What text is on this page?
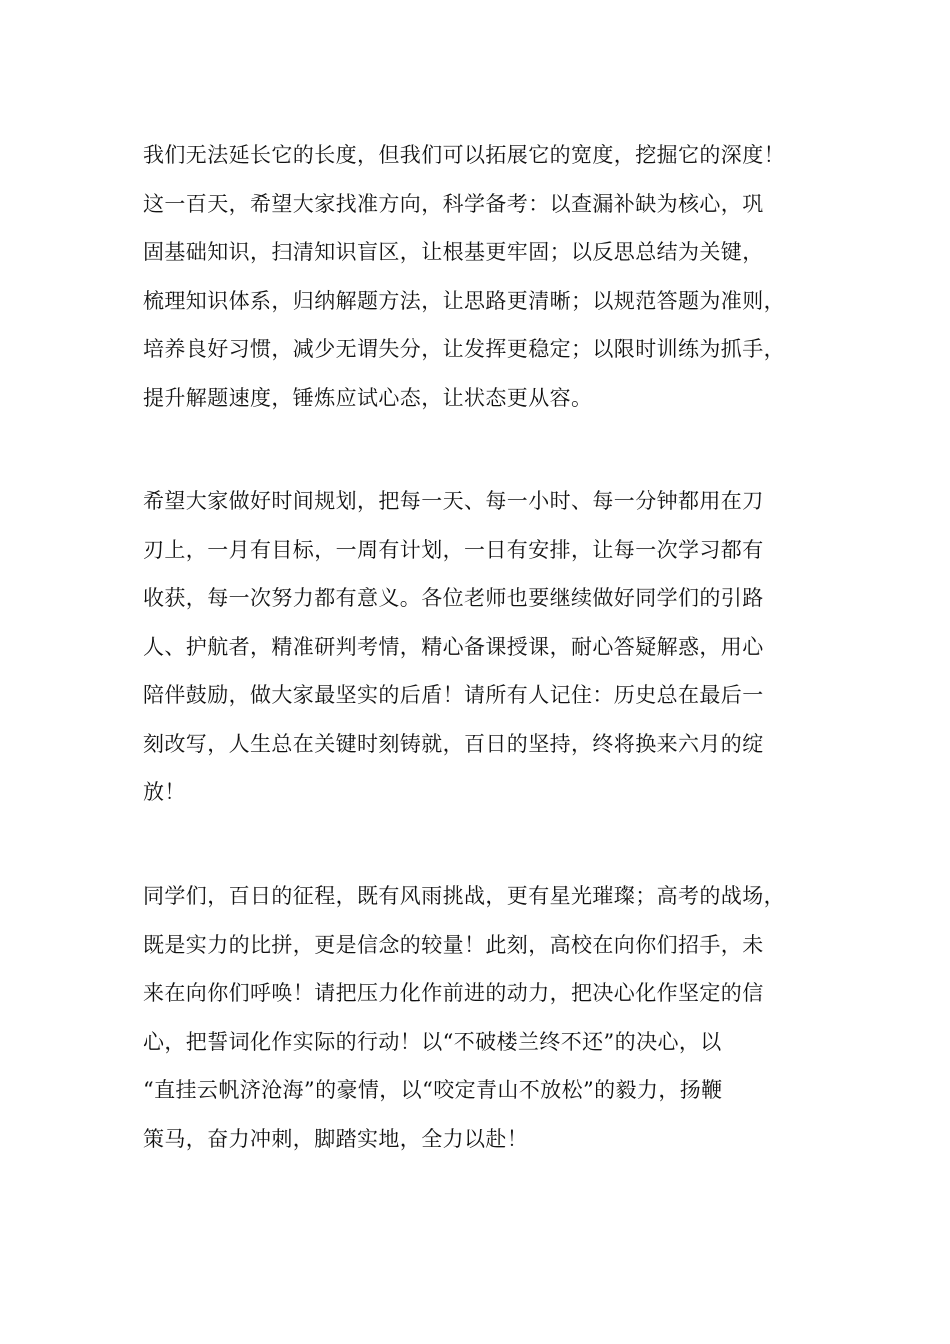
我们无法延长它的长度，但我们可以拓展它的宽度，挖掘它的深度！
这一百天，希望大家找准方向，科学备考：以查漏补缺为核心，巩
固基础知识，扫清知识盲区，让根基更牢固；以反思总结为关键，
梳理知识体系，归纳解题方法，让思路更清晰；以规范答题为准则，
培养良好习惯，减少无谓失分，让发挥更稳定；以限时训练为抓手，
提升解题速度，锤炼应试心态，让状态更从容。
希望大家做好时间规划，把每一天、每一小时、每一分钟都用在刀
刃上，一月有目标，一周有计划，一日有安排，让每一次学习都有
收获，每一次努力都有意义。各位老师也要继续做好同学们的引路
人、护航者，精准研判考情，精心备课授课，耐心答疑解惑，用心
陪伴鼓励，做大家最坚实的后盾！请所有人记住：历史总在最后一
刻改写，人生总在关键时刻铸就，百日的坚持，终将换来六月的绽
放！
同学们，百日的征程，既有风雨挑战，更有星光璀璨；高考的战场，
既是实力的比拼，更是信念的较量！此刻，高校在向你们招手，未
来在向你们呼唤！请把压力化作前进的动力，把决心化作坚定的信
心，把誓词化作实际的行动！以“不破楼兰终不还”的决心，以
“直挂云帆济沧海”的豪情，以“咬定青山不放松”的毅力，扬鞭
策马，奋力冲刺，脚踏实地，全力以赴！
